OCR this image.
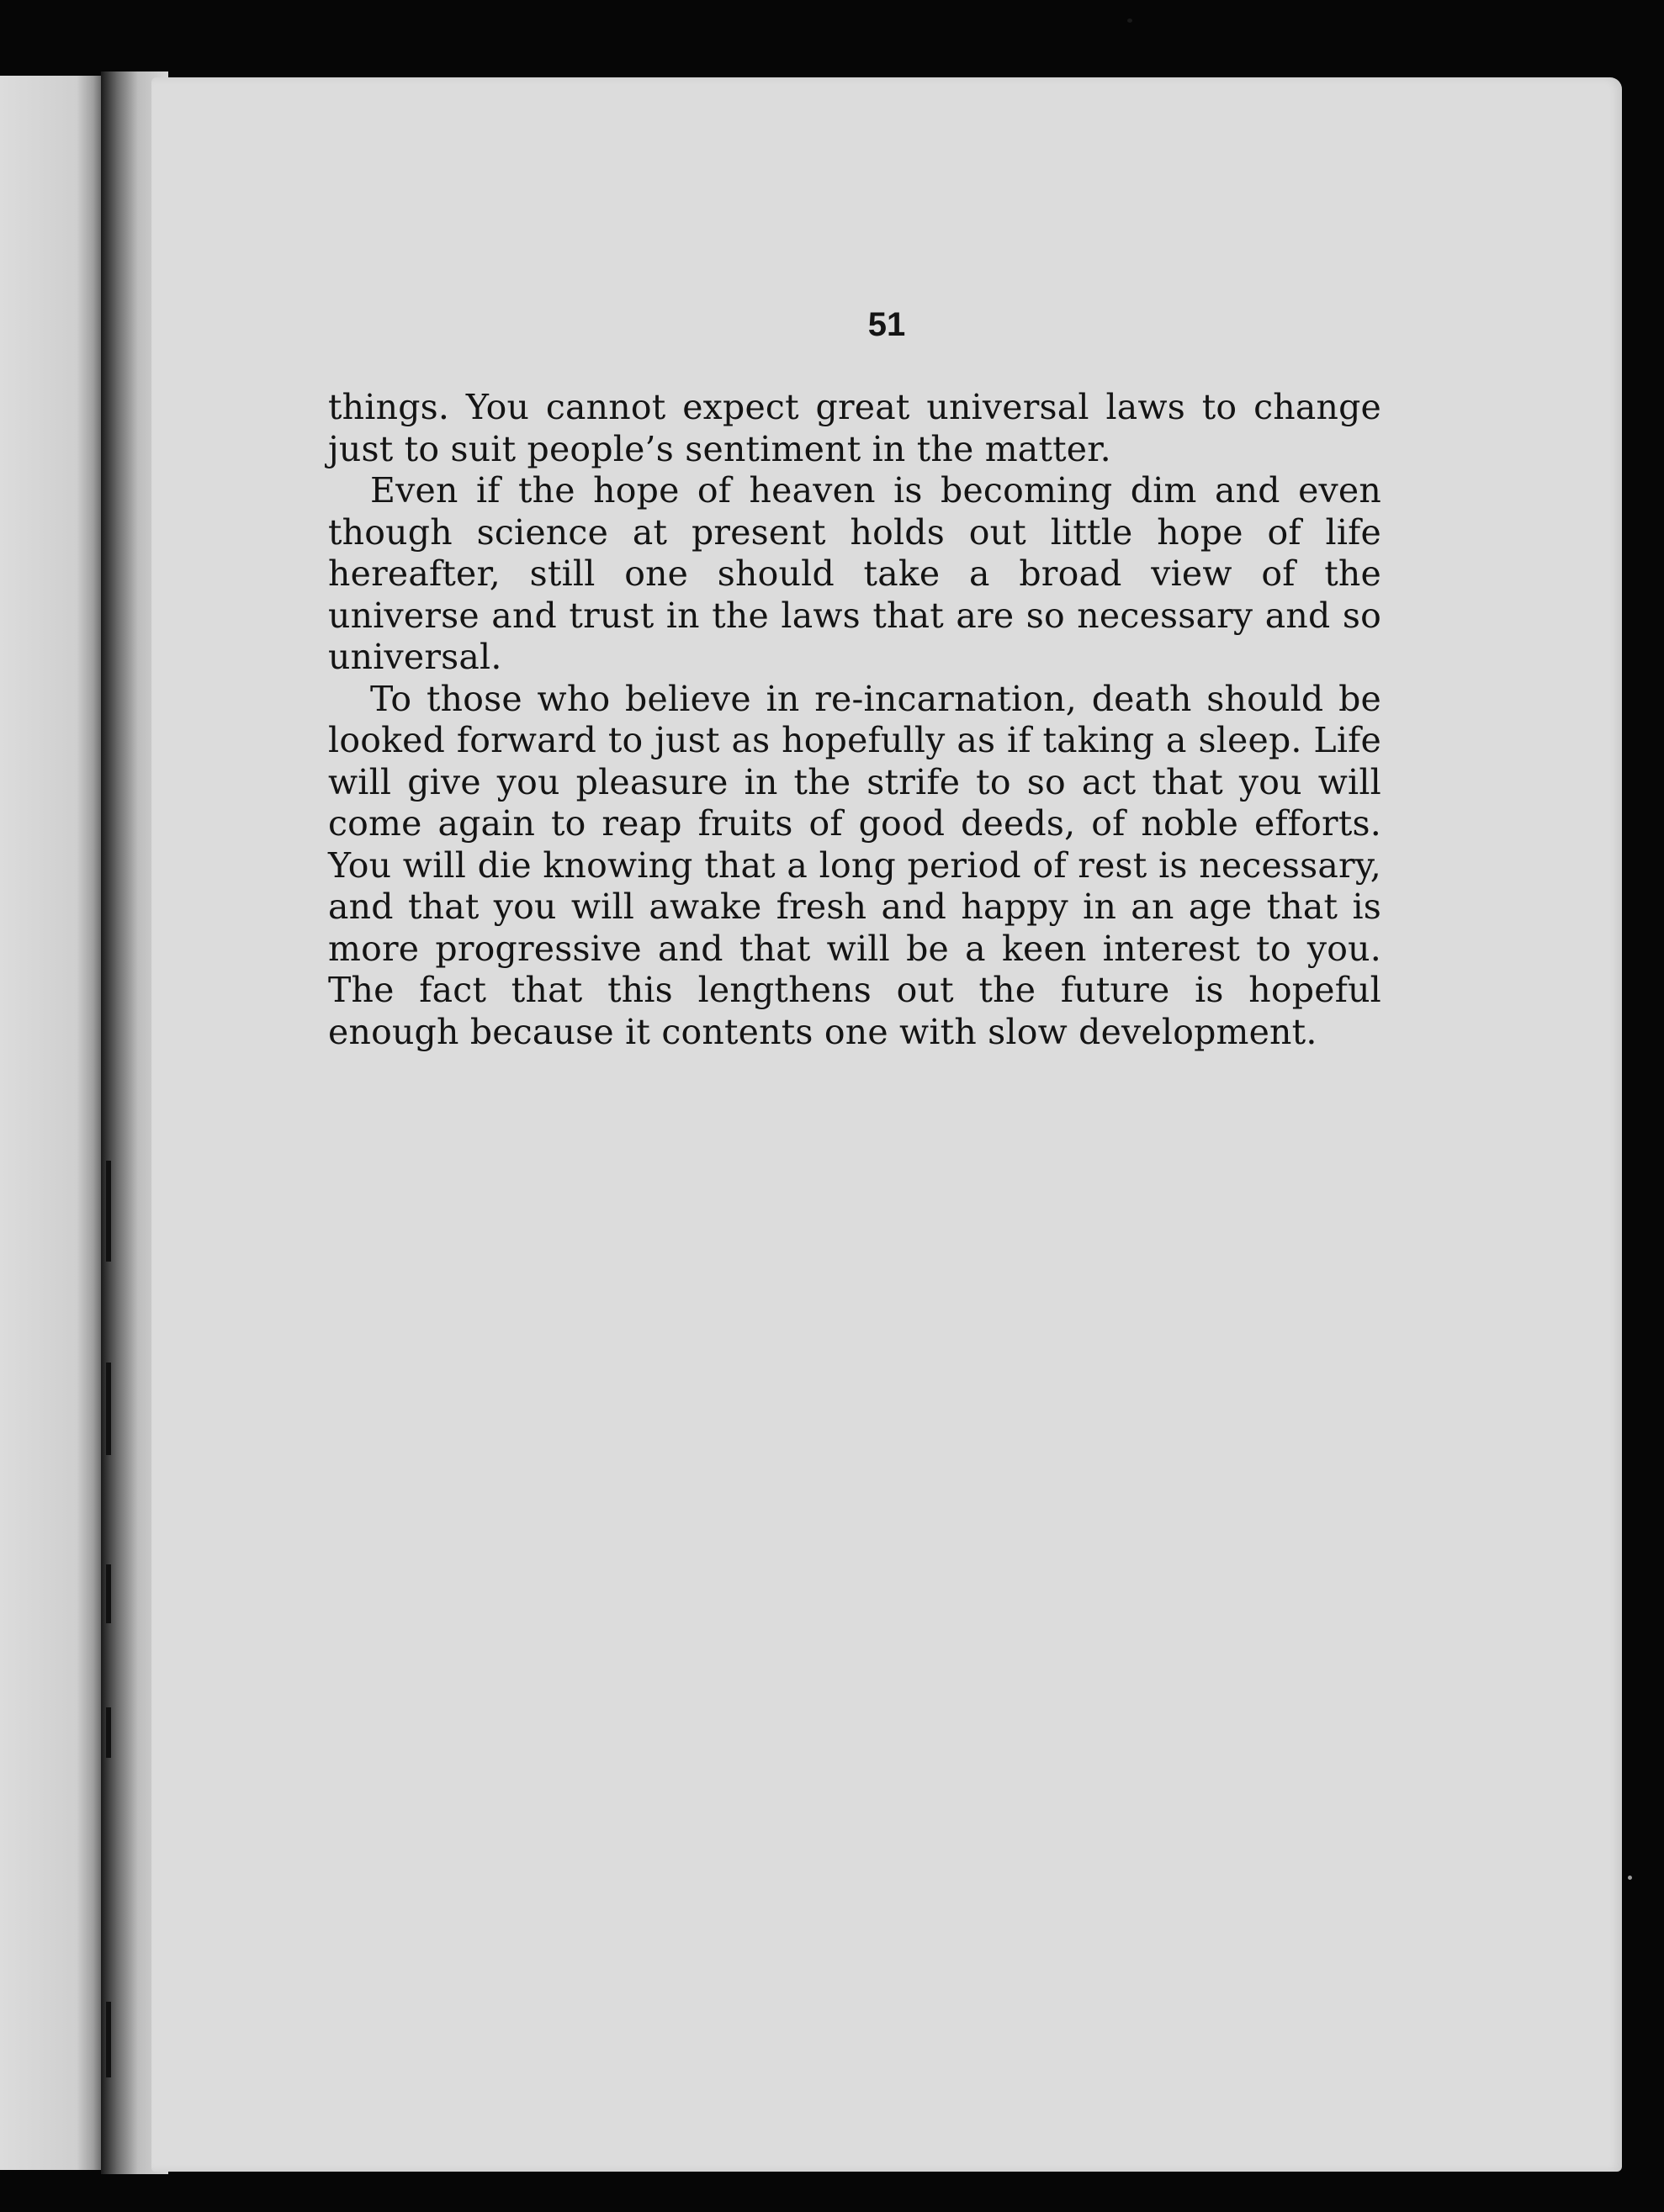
51

things. You cannot expect great universal laws to change just to suit people’s sentiment in the matter.

Even if the hope of heaven is becoming dim and even though science at present holds out little hope of life hereafter, still one should take a broad view of the universe and trust in the laws that are so necessary and so universal.

To those who believe in re-incarnation, death should be looked forward to just as hopefully as if taking a sleep. Life will give you pleasure in the strife to so act that you will come again to reap fruits of good deeds, of noble efforts. You will die knowing that a long period of rest is necessary, and that you will awake fresh and happy in an age that is more progressive and that will be a keen interest to you. The fact that this lengthens out the future is hopeful enough because it contents one with slow development.
